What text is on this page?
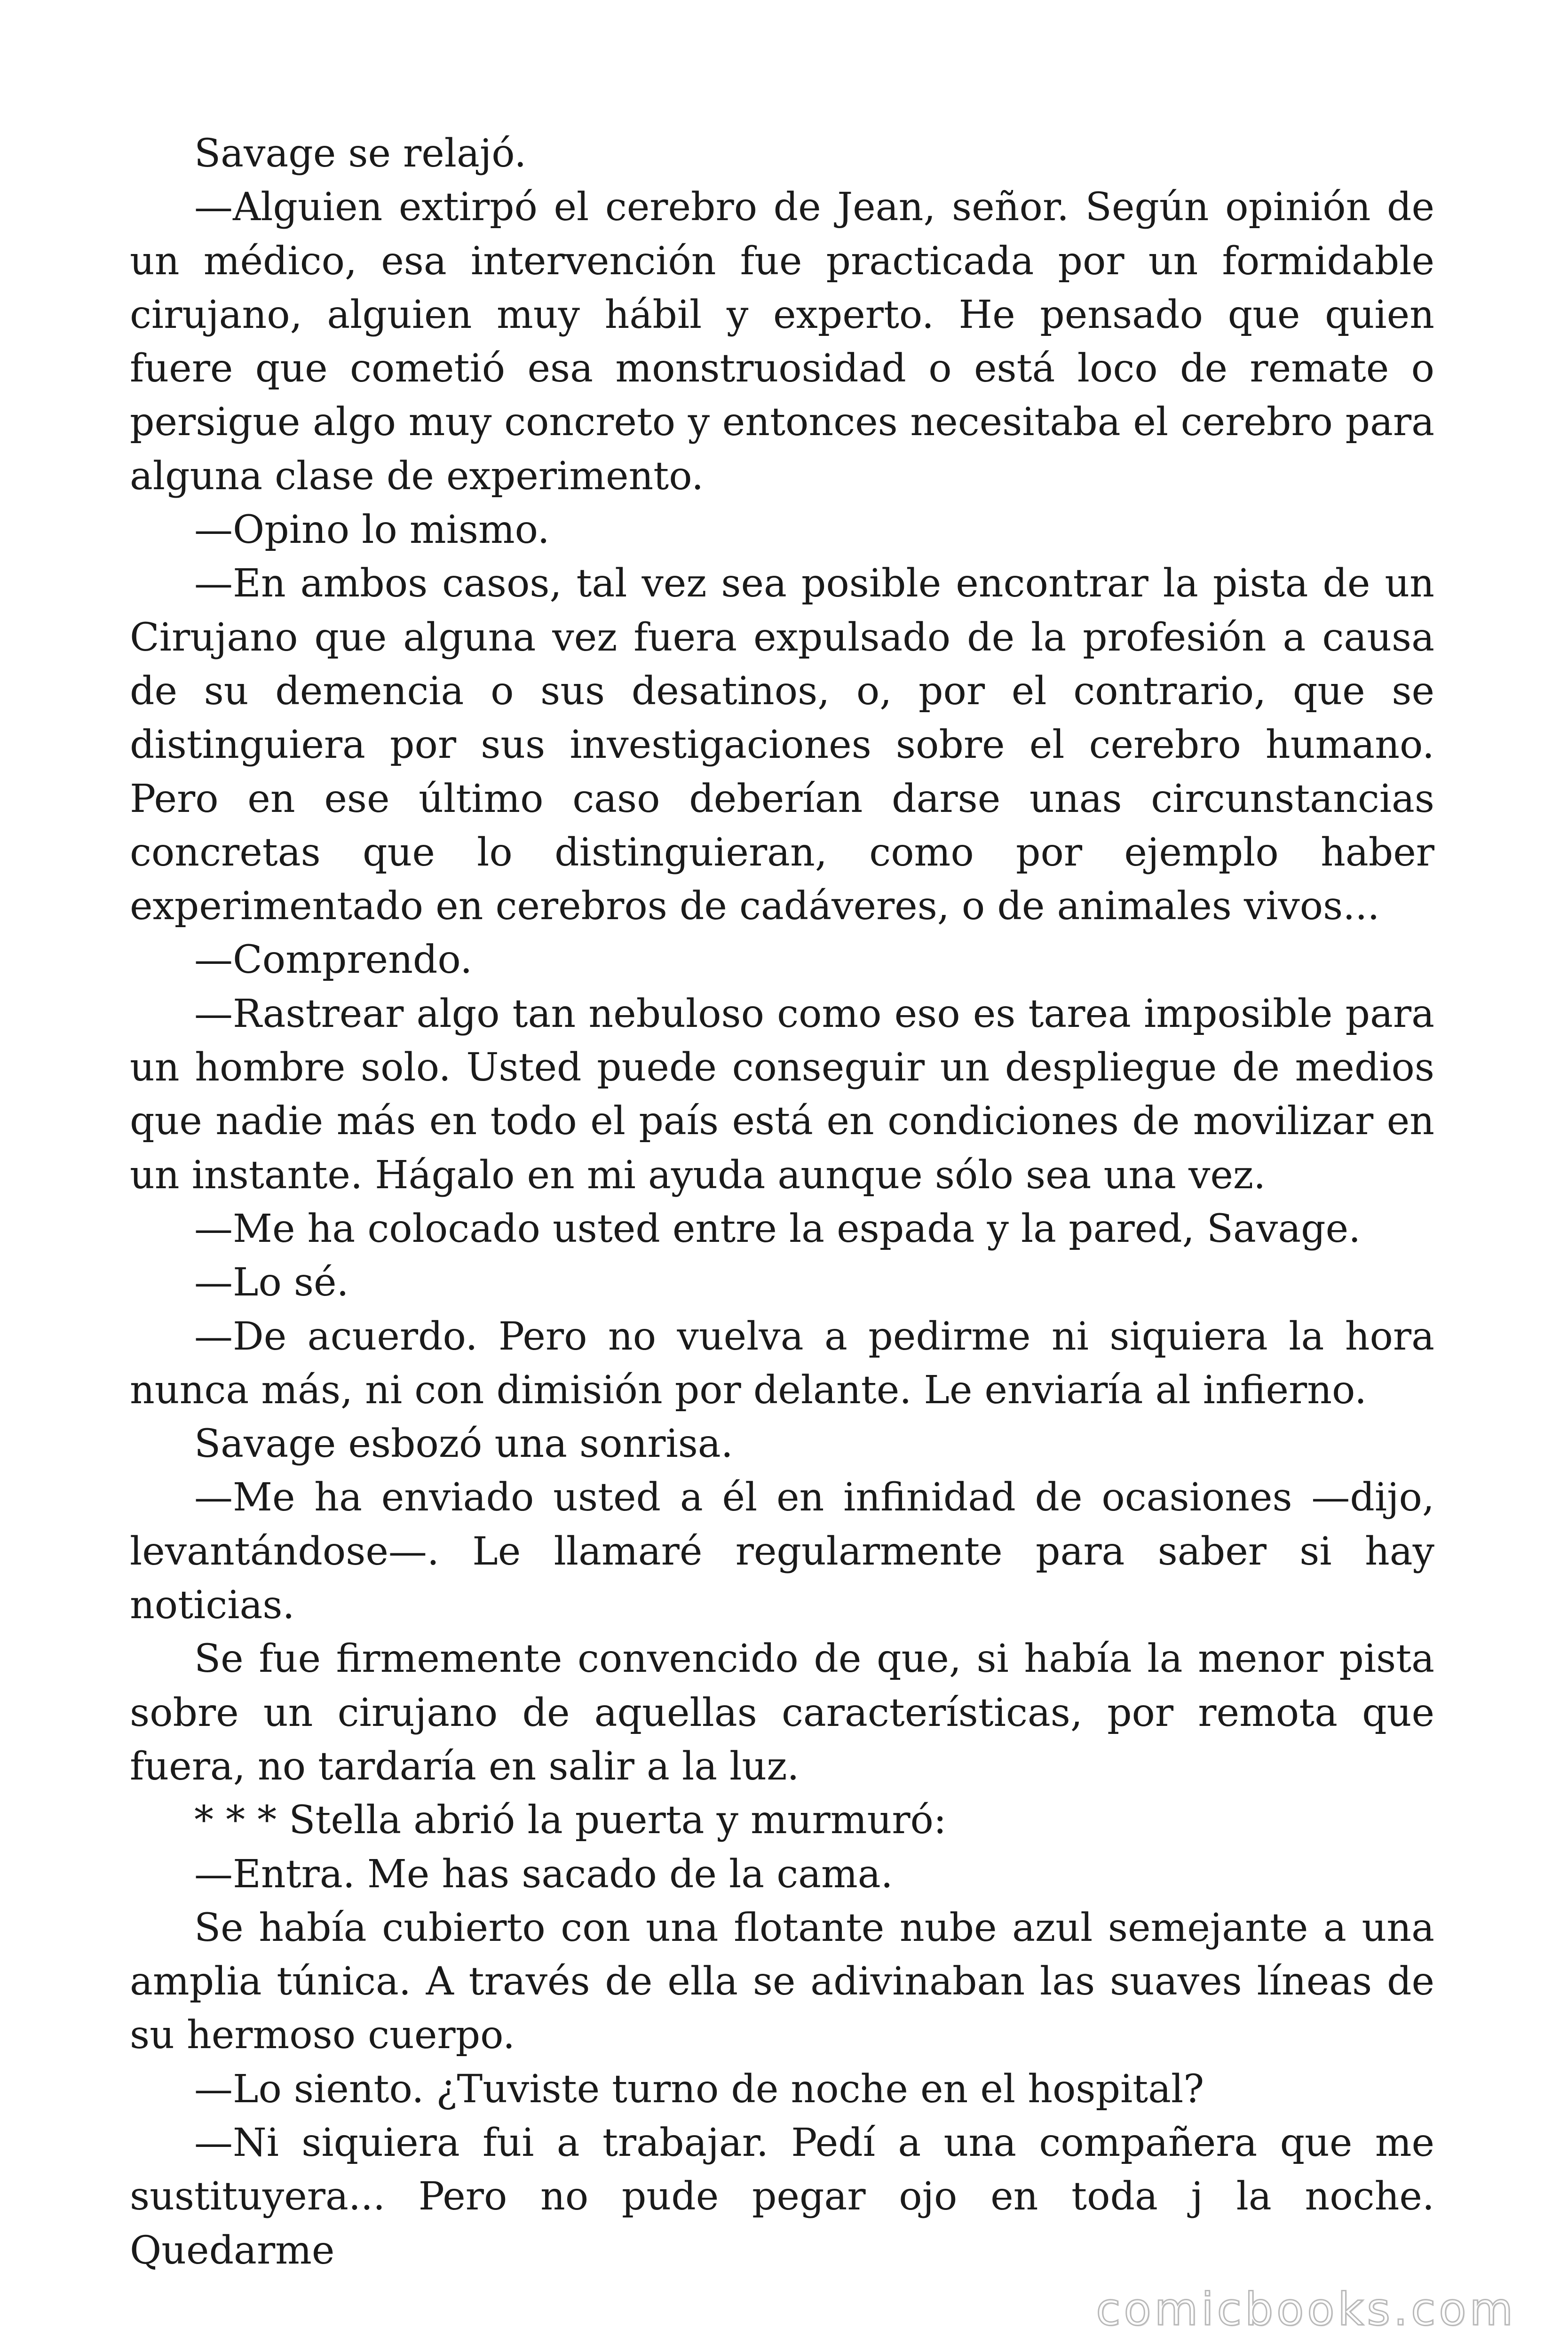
Savage se relajó.

—Alguien extirpó el cerebro de Jean, señor. Según opinión de un médico, esa intervención fue practicada por un formidable cirujano, alguien muy hábil y experto. He pensado que quien fuere que cometió esa monstruosidad o está loco de remate o persigue algo muy concreto y entonces necesitaba el cerebro para alguna clase de experimento.

—Opino lo mismo.

—En ambos casos, tal vez sea posible encontrar la pista de un Cirujano que alguna vez fuera expulsado de la profesión a causa de su demencia o sus desatinos, o, por el contrario, que se distinguiera por sus investigaciones sobre el cerebro humano. Pero en ese último caso deberían darse unas circunstancias concretas que lo distinguieran, como por ejemplo haber experimentado en cerebros de cadáveres, o de animales vivos...

—Comprendo.

—Rastrear algo tan nebuloso como eso es tarea imposible para un hombre solo. Usted puede conseguir un despliegue de medios que nadie más en todo el país está en condiciones de movilizar en un instante. Hágalo en mi ayuda aunque sólo sea una vez.

—Me ha colocado usted entre la espada y la pared, Savage.

—Lo sé.

—De acuerdo. Pero no vuelva a pedirme ni siquiera la hora nunca más, ni con dimisión por delante. Le enviaría al infierno.

Savage esbozó una sonrisa.

—Me ha enviado usted a él en infinidad de ocasiones —dijo, levantándose—. Le llamaré regularmente para saber si hay noticias.

Se fue firmemente convencido de que, si había la menor pista sobre un cirujano de aquellas características, por remota que fuera, no tardaría en salir a la luz.

* * * Stella abrió la puerta y murmuró:

—Entra. Me has sacado de la cama.

Se había cubierto con una flotante nube azul semejante a una amplia túnica. A través de ella se adivinaban las suaves líneas de su hermoso cuerpo.

—Lo siento. ¿Tuviste turno de noche en el hospital?

—Ni siquiera fui a trabajar. Pedí a una compañera que me sustituyera... Pero no pude pegar ojo en toda j la noche. Quedarme

comicbooks.com
